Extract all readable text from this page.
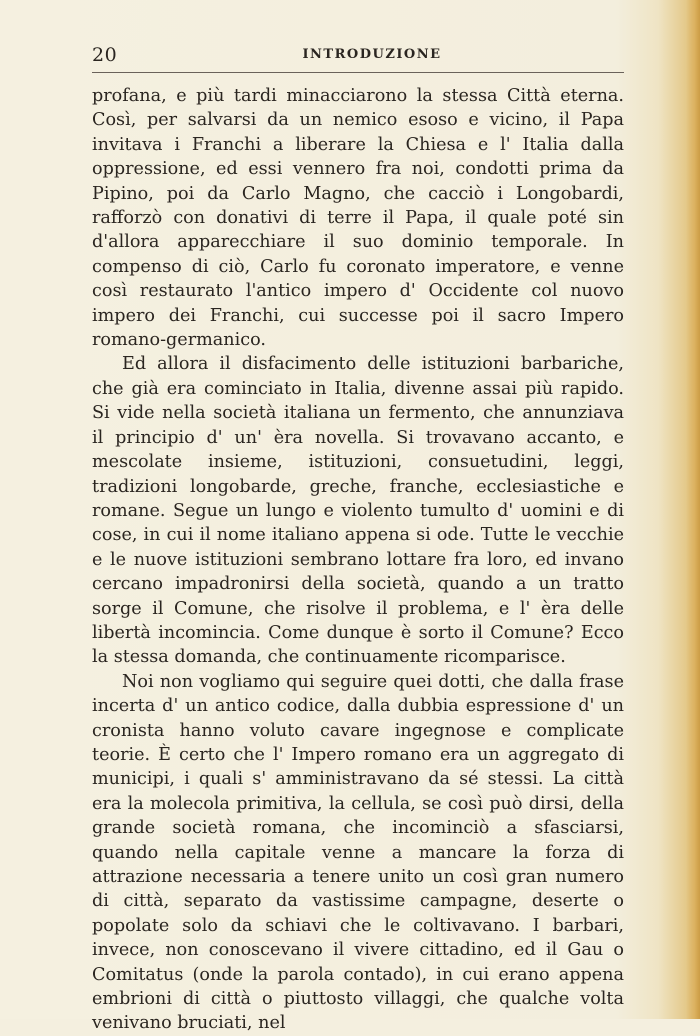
20	INTRODUZIONE

profana, e più tardi minacciarono la stessa Città eterna. Così, per salvarsi da un nemico esoso e vicino, il Papa invitava i Franchi a liberare la Chiesa e l' Italia dalla oppressione, ed essi vennero fra noi, condotti prima da Pipino, poi da Carlo Magno, che cacciò i Longobardi, rafforzò con donativi di terre il Papa, il quale poté sin d'allora apparecchiare il suo dominio temporale. In compenso di ciò, Carlo fu coronato imperatore, e venne così restaurato l'antico impero d' Occidente col nuovo impero dei Franchi, cui successe poi il sacro Impero romano-germanico.

Ed allora il disfacimento delle istituzioni barbariche, che già era cominciato in Italia, divenne assai più rapido. Si vide nella società italiana un fermento, che annunziava il principio d' un' èra novella. Si trovavano accanto, e mescolate insieme, istituzioni, consuetudini, leggi, tradizioni longobarde, greche, franche, ecclesiastiche e romane. Segue un lungo e violento tumulto d' uomini e di cose, in cui il nome italiano appena si ode. Tutte le vecchie e le nuove istituzioni sembrano lottare fra loro, ed invano cercano impadronirsi della società, quando a un tratto sorge il Comune, che risolve il problema, e l' èra delle libertà incomincia. Come dunque è sorto il Comune? Ecco la stessa domanda, che continuamente ricomparisce.

Noi non vogliamo qui seguire quei dotti, che dalla frase incerta d' un antico codice, dalla dubbia espressione d' un cronista hanno voluto cavare ingegnose e complicate teorie. È certo che l' Impero romano era un aggregato di municipi, i quali s' amministravano da sé stessi. La città era la molecola primitiva, la cellula, se così può dirsi, della grande società romana, che incominciò a sfasciarsi, quando nella capitale venne a mancare la forza di attrazione necessaria a tenere unito un così gran numero di città, separato da vastissime campagne, deserte o popolate solo da schiavi che le coltivavano. I barbari, invece, non conoscevano il vivere cittadino, ed il Gau o Comitatus (onde la parola contado), in cui erano appena embrioni di città o piuttosto villaggi, che qualche volta venivano bruciati, nel
